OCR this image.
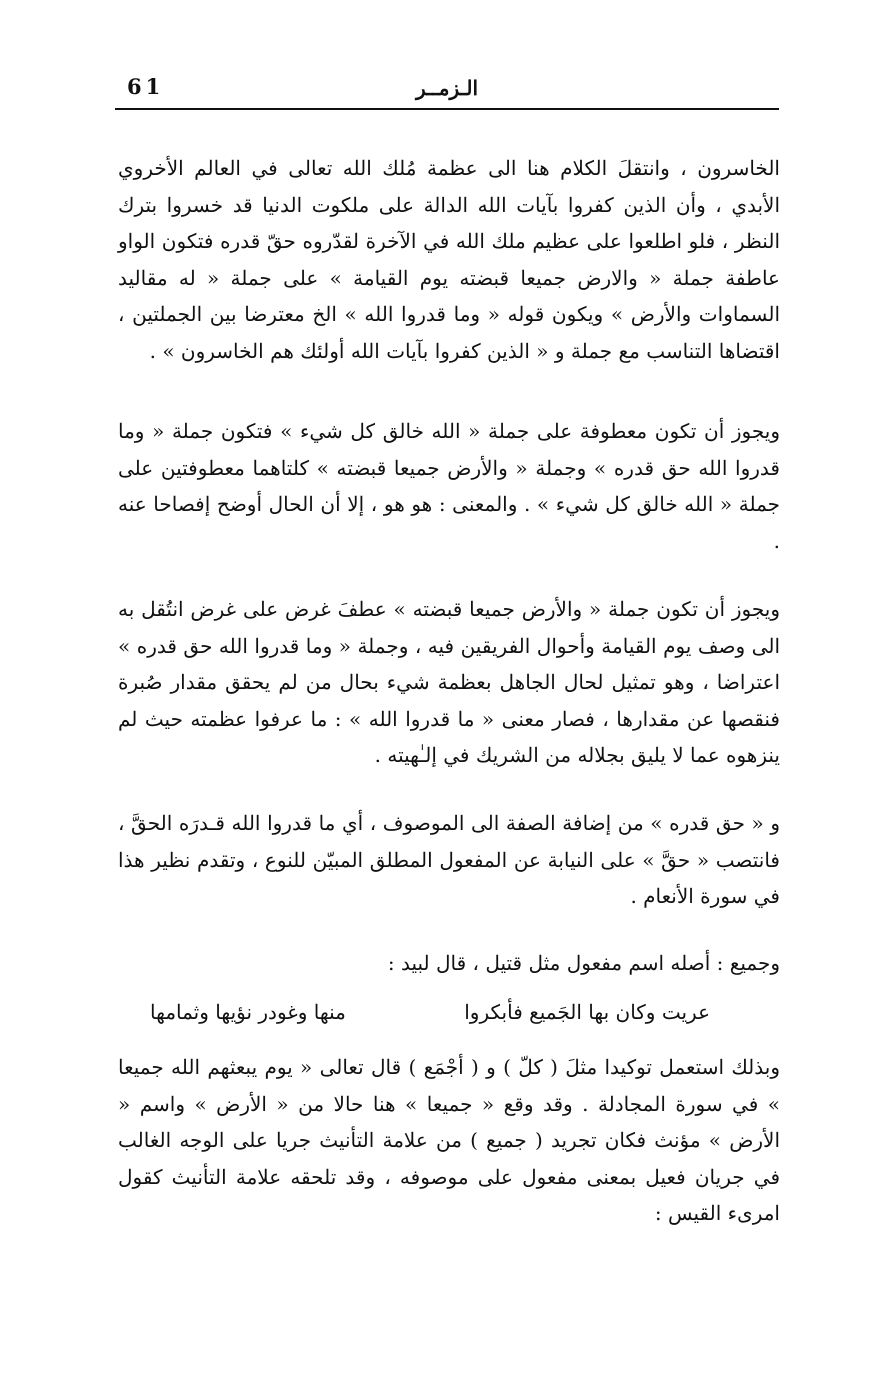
61	الـزمــر
الخاسرون ، وانتقلَ الكلام هنا الى عظمة مُلك الله تعالى في العالم الأخروي الأبدي ، وأن الذين كفروا بآيات الله الدالة على ملكوت الدنيا قد خسروا بترك النظر ، فلو اطلعوا على عظيم ملك الله في الآخرة لقدّروه حقّ قدره فتكون الواو عاطفة جملة « والارض جميعا قبضته يوم القيامة » على جملة « له مقاليد السماوات والأرض » ويكون قوله « وما قدروا الله » الخ معترضا بين الجملتين ، اقتضاها التناسب مع جملة و « الذين كفروا بآيات الله أولئك هم الخاسرون » .
ويجوز أن تكون معطوفة على جملة « الله خالق كل شيء » فتكون جملة « وما قدروا الله حق قدره » وجملة « والأرض جميعا قبضته » كلتاهما معطوفتين على جملة « الله خالق كل شيء » . والمعنى : هو هو ، إلا أن الحال أوضح إفصاحا عنه .
ويجوز أن تكون جملة « والأرض جميعا قبضته » عطفَ غرض على غرض انتُقل به الى وصف يوم القيامة وأحوال الفريقين فيه ، وجملة « وما قدروا الله حق قدره » اعتراضا ، وهو تمثيل لحال الجاهل بعظمة شيء بحال من لم يحقق مقدار صُبرة فنقصها عن مقدارها ، فصار معنى « ما قدروا الله » : ما عرفوا عظمته حيث لم ينزهوه عما لا يليق بجلاله من الشريك في إلـٰهيته .
و « حق قدره » من إضافة الصفة الى الموصوف ، أي ما قدروا الله قـدرَه الحقَّ ، فانتصب « حقَّ » على النيابة عن المفعول المطلق المبيّن للنوع ، وتقدم نظير هذا في سورة الأنعام .
وجميع : أصله اسم مفعول مثل قتيل ، قال لبيد :
عريت وكان بها الجَميع فأبكروا
منها وغودر نؤيها وثمامها
وبذلك استعمل توكيدا مثلَ ( كلّ ) و ( أجْمَع ) قال تعالى « يوم يبعثهم الله جميعا » في سورة المجادلة . وقد وقع « جميعا » هنا حالا من « الأرض » واسم « الأرض » مؤنث فكان تجريد ( جميع ) من علامة التأنيث جريا على الوجه الغالب في جريان فعيل بمعنى مفعول على موصوفه ، وقد تلحقه علامة التأنيث كقول امرىء القيس :
